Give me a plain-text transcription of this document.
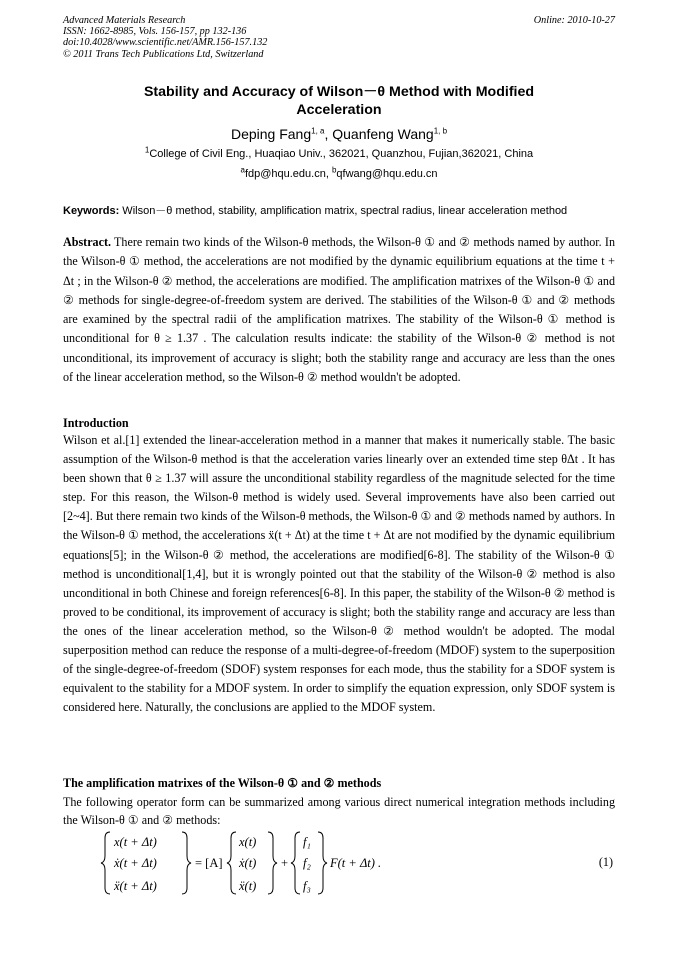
Advanced Materials Research
ISSN: 1662-8985, Vols. 156-157, pp 132-136
doi:10.4028/www.scientific.net/AMR.156-157.132
© 2011 Trans Tech Publications Ltd, Switzerland
Online: 2010-10-27
Stability and Accuracy of Wilson－θ Method with Modified
Acceleration
Deping Fang$^{1, a}$, Quanfeng Wang$^{1, b}$
$^1$College of Civil Eng., Huaqiao Univ., 362021, Quanzhou, Fujian,362021, China
$^a$fdp@hqu.edu.cn, $^b$qfwang@hqu.edu.cn
Keywords: Wilson－θ method, stability, amplification matrix, spectral radius, linear acceleration method
Abstract. There remain two kinds of the Wilson-θ methods, the Wilson-θ ① and ② methods named by author. In the Wilson-θ ① method, the accelerations are not modified by the dynamic equilibrium equations at the time t + Δt ; in the Wilson-θ ② method, the accelerations are modified. The amplification matrixes of the Wilson-θ ① and ② methods for single-degree-of-freedom system are derived. The stabilities of the Wilson-θ ① and ② methods are examined by the spectral radii of the amplification matrixes. The stability of the Wilson-θ ① method is unconditional for θ ≥ 1.37 . The calculation results indicate: the stability of the Wilson-θ ② method is not unconditional, its improvement of accuracy is slight; both the stability range and accuracy are less than the ones of the linear acceleration method, so the Wilson-θ ② method wouldn't be adopted.
Introduction
Wilson et al.[1] extended the linear-acceleration method in a manner that makes it numerically stable. The basic assumption of the Wilson-θ method is that the acceleration varies linearly over an extended time step θΔt . It has been shown that θ ≥ 1.37 will assure the unconditional stability regardless of the magnitude selected for the time step. For this reason, the Wilson-θ method is widely used. Several improvements have also been carried out [2~4]. But there remain two kinds of the Wilson-θ methods, the Wilson-θ ① and ② methods named by authors. In the Wilson-θ ① method, the accelerations ẍ(t + Δt) at the time t + Δt are not modified by the dynamic equilibrium equations[5]; in the Wilson-θ ② method, the accelerations are modified[6-8]. The stability of the Wilson-θ ① method is unconditional[1,4], but it is wrongly pointed out that the stability of the Wilson-θ ② method is also unconditional in both Chinese and foreign references[6-8]. In this paper, the stability of the Wilson-θ ② method is proved to be conditional, its improvement of accuracy is slight; both the stability range and accuracy are less than the ones of the linear acceleration method, so the Wilson-θ ② method wouldn't be adopted. The modal superposition method can reduce the response of a multi-degree-of-freedom (MDOF) system to the superposition of the single-degree-of-freedom (SDOF) system responses for each mode, thus the stability for a SDOF system is equivalent to the stability for a MDOF system. In order to simplify the equation expression, only SDOF system is considered here. Naturally, the conclusions are applied to the MDOF system.
The amplification matrixes of the Wilson-θ ① and ② methods
The following operator form can be summarized among various direct numerical integration methods including the Wilson-θ ① and ② methods:
x(t + Δt)
ẋ(t + Δt)
ẍ(t + Δt)
= [A]
x(t)
ẋ(t)
ẍ(t)
+
f₁
f₂
f₃
F(t + Δt) .	(1)
